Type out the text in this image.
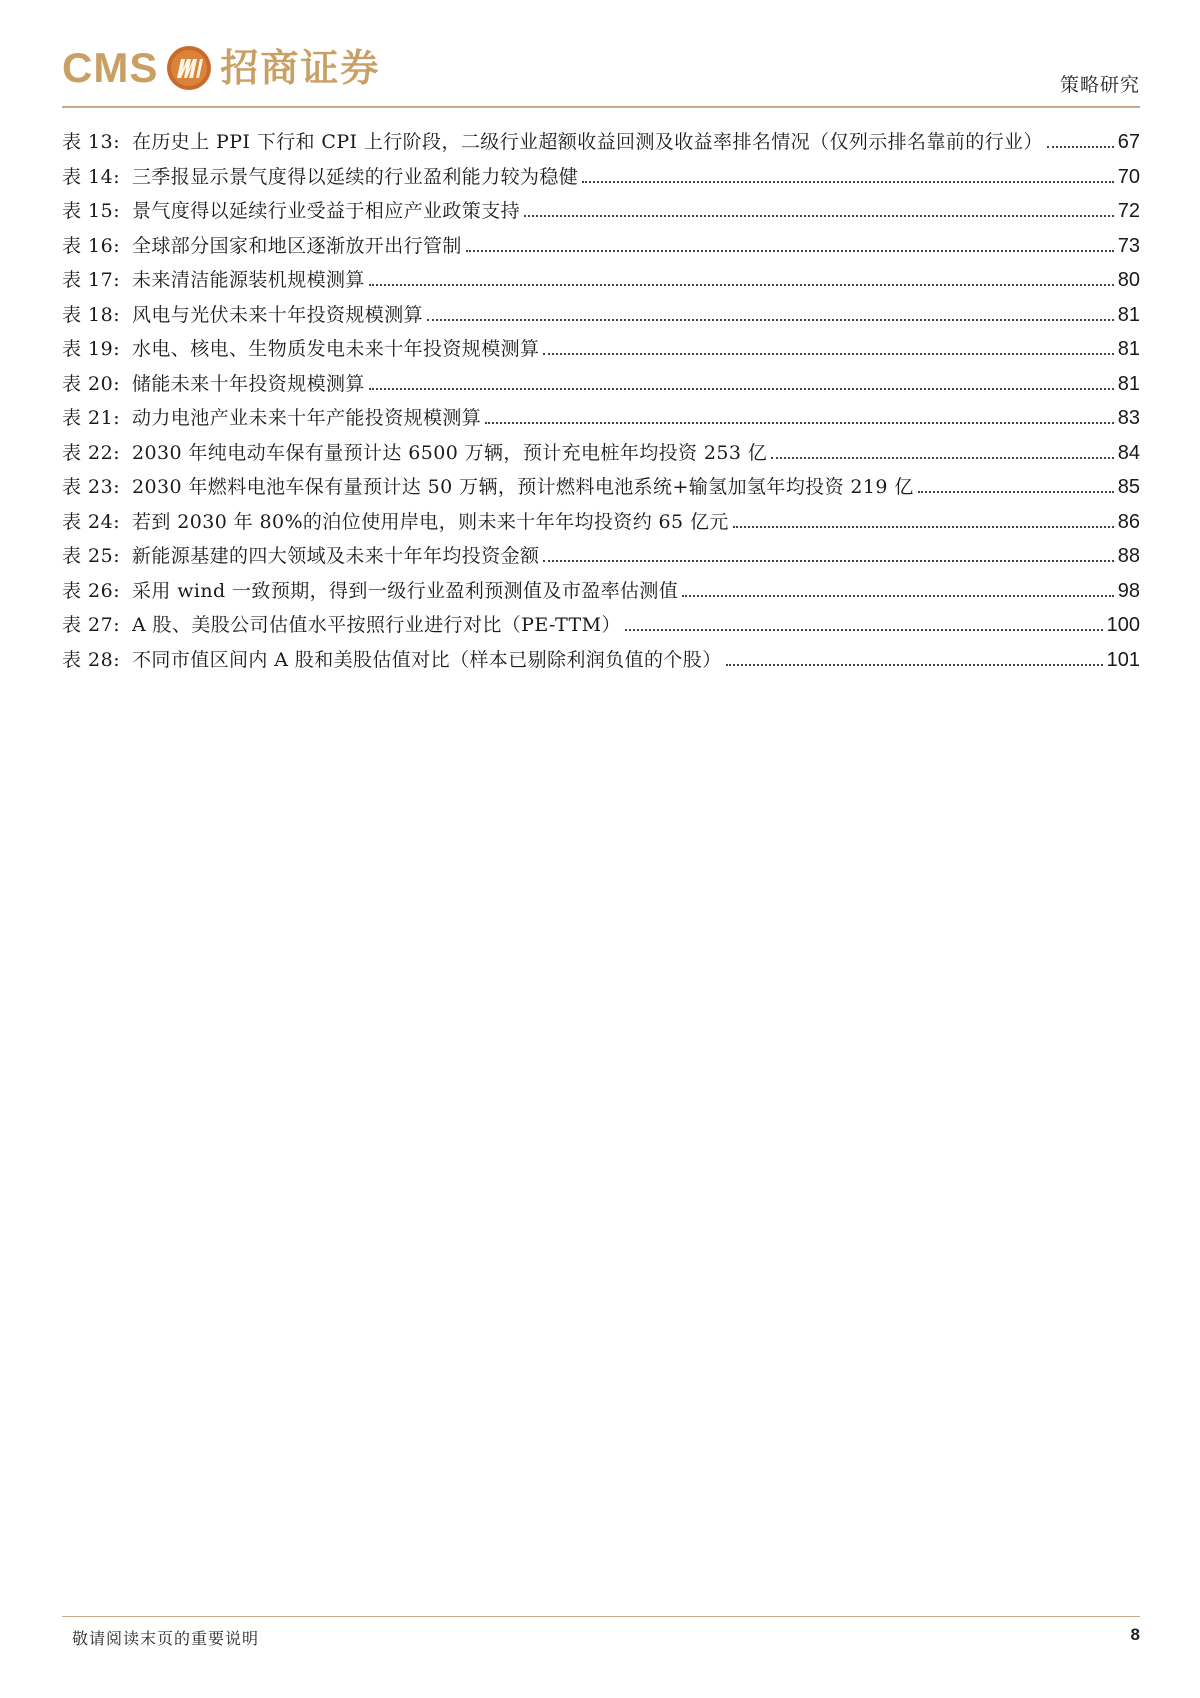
CMS 招商证券	策略研究
表 13: 在历史上 PPI 下行和 CPI 上行阶段，二级行业超额收益回测及收益率排名情况（仅列示排名靠前的行业）	67
表 14: 三季报显示景气度得以延续的行业盈利能力较为稳健	70
表 15: 景气度得以延续行业受益于相应产业政策支持	72
表 16: 全球部分国家和地区逐渐放开出行管制	73
表 17: 未来清洁能源装机规模测算	80
表 18: 风电与光伏未来十年投资规模测算	81
表 19: 水电、核电、生物质发电未来十年投资规模测算	81
表 20: 储能未来十年投资规模测算	81
表 21: 动力电池产业未来十年产能投资规模测算	83
表 22: 2030 年纯电动车保有量预计达 6500 万辆，预计充电桩年均投资 253 亿	84
表 23: 2030 年燃料电池车保有量预计达 50 万辆，预计燃料电池系统+输氢加氢年均投资 219 亿	85
表 24: 若到 2030 年 80%的泊位使用岸电，则未来十年年均投资约 65 亿元	86
表 25: 新能源基建的四大领域及未来十年年均投资金额	88
表 26: 采用 wind 一致预期，得到一级行业盈利预测值及市盈率估测值	98
表 27: A 股、美股公司估值水平按照行业进行对比（PE-TTM）	100
表 28: 不同市值区间内 A 股和美股估值对比（样本已剔除利润负值的个股）	101
敬请阅读末页的重要说明	8
